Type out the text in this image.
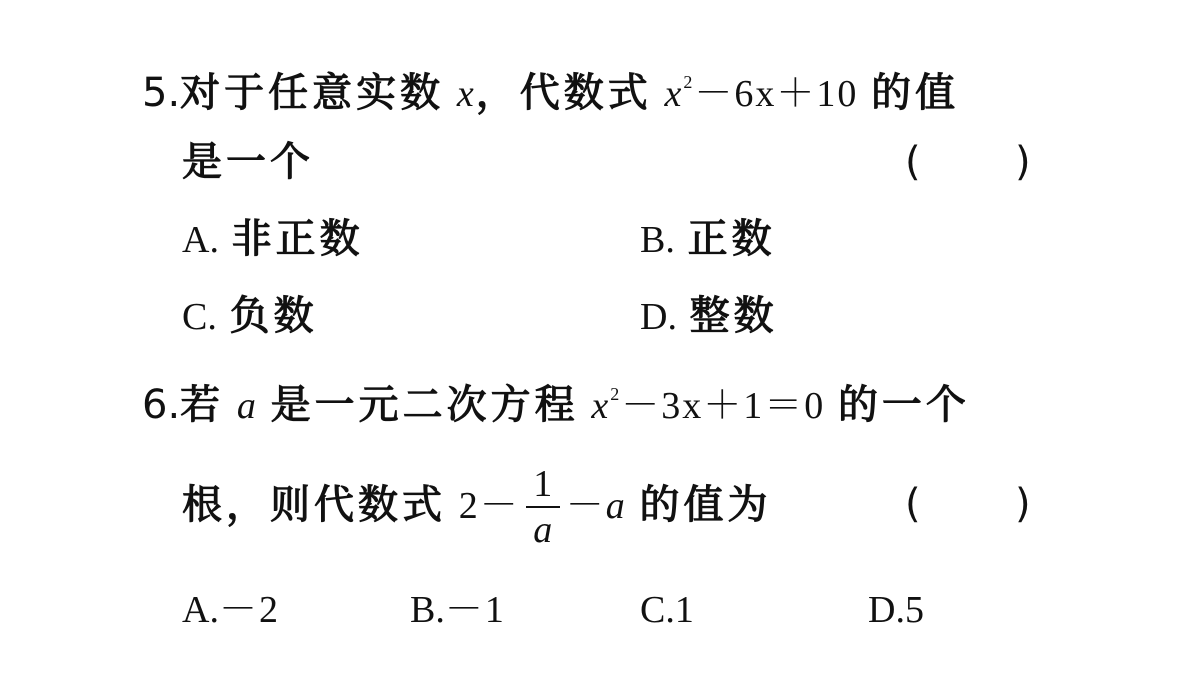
5.对于任意实数 x，代数式 $x^2-6x+10$ 的值
是一个	( )
A. 非正数	B. 正数
C. 负数	D. 整数
6.若 a 是一元二次方程 $x^2-3x+1=0$ 的一个
根，则代数式 $2- \frac{1}{a} -a$ 的值为	( )
A.－2	B.－1	C.1	D.5
